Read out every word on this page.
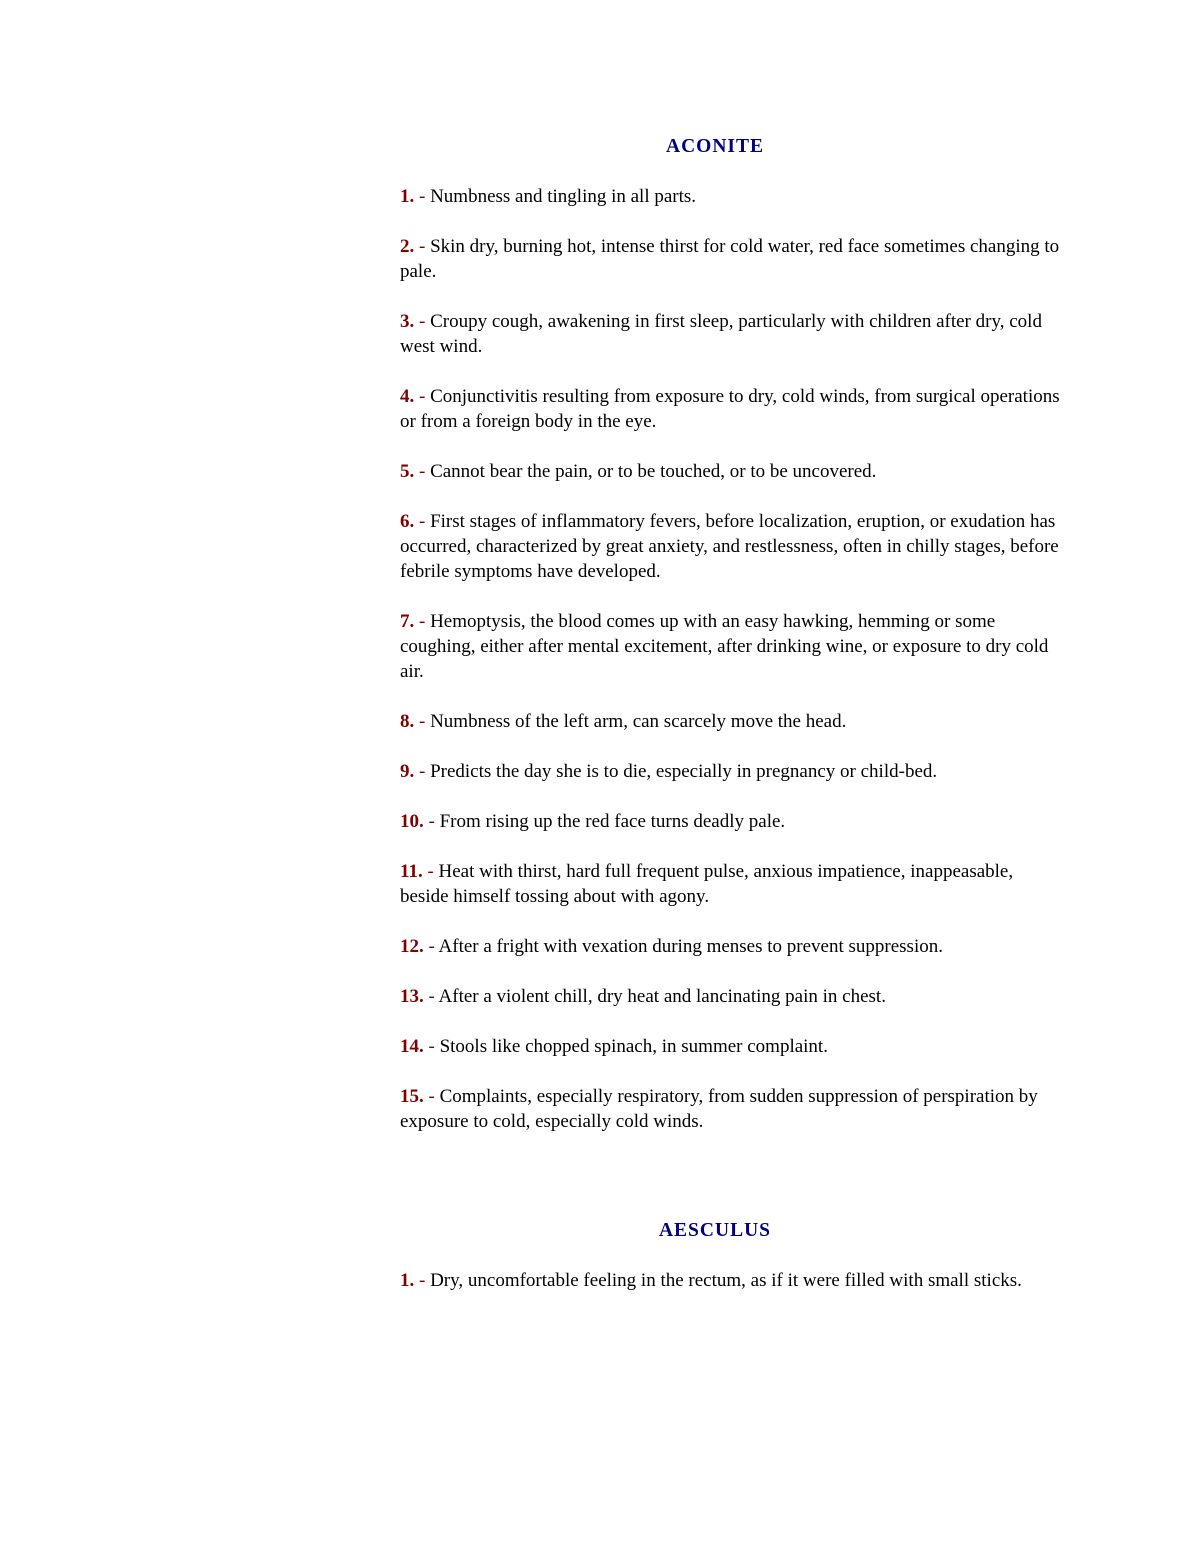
ACONITE

1. - Numbness and tingling in all parts.

2. - Skin dry, burning hot, intense thirst for cold water, red face sometimes changing to pale.

3. - Croupy cough, awakening in first sleep, particularly with children after dry, cold west wind.

4. - Conjunctivitis resulting from exposure to dry, cold winds, from surgical operations or from a foreign body in the eye.

5. - Cannot bear the pain, or to be touched, or to be uncovered.

6. - First stages of inflammatory fevers, before localization, eruption, or exudation has occurred, characterized by great anxiety, and restlessness, often in chilly stages, before febrile symptoms have developed.

7. - Hemoptysis, the blood comes up with an easy hawking, hemming or some coughing, either after mental excitement, after drinking wine, or exposure to dry cold air.

8. - Numbness of the left arm, can scarcely move the head.

9. - Predicts the day she is to die, especially in pregnancy or child-bed.

10. - From rising up the red face turns deadly pale.

11. - Heat with thirst, hard full frequent pulse, anxious impatience, inappeasable, beside himself tossing about with agony.

12. - After a fright with vexation during menses to prevent suppression.

13. - After a violent chill, dry heat and lancinating pain in chest.

14. - Stools like chopped spinach, in summer complaint.

15. - Complaints, especially respiratory, from sudden suppression of perspiration by exposure to cold, especially cold winds.

AESCULUS

1. - Dry, uncomfortable feeling in the rectum, as if it were filled with small sticks.
